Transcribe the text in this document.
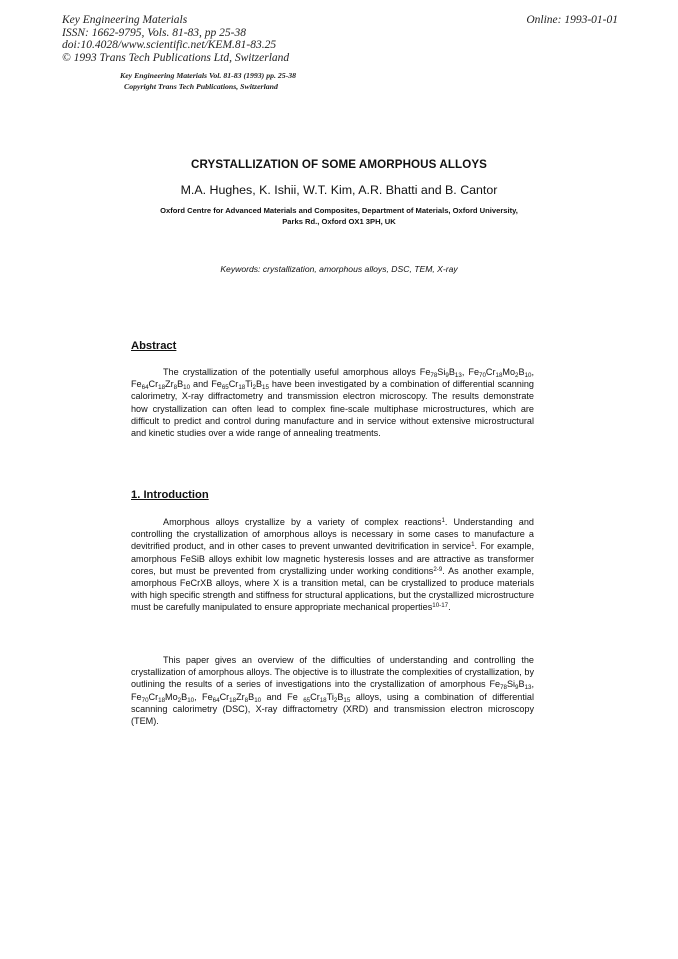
Key Engineering Materials
ISSN: 1662-9795, Vols. 81-83, pp 25-38
doi:10.4028/www.scientific.net/KEM.81-83.25
© 1993 Trans Tech Publications Ltd, Switzerland
Online: 1993-01-01
Key Engineering Materials Vol. 81-83 (1993) pp. 25-38
Copyright Trans Tech Publications, Switzerland
CRYSTALLIZATION OF SOME AMORPHOUS ALLOYS
M.A. Hughes, K. Ishii, W.T. Kim, A.R. Bhatti and B. Cantor
Oxford Centre for Advanced Materials and Composites, Department of Materials, Oxford University,
Parks Rd., Oxford OX1 3PH, UK
Keywords: crystallization, amorphous alloys, DSC, TEM, X-ray
Abstract
The crystallization of the potentially useful amorphous alloys $Fe_{78}Si_9B_{13}$, $Fe_{70}Cr_{18}Mo_2B_{10}$, $Fe_{64}Cr_{18}Zr_8B_{10}$ and $Fe_{65}Cr_{18}Ti_2B_{15}$ have been investigated by a combination of differential scanning calorimetry, X-ray diffractometry and transmission electron microscopy. The results demonstrate how crystallization can often lead to complex fine-scale multiphase microstructures, which are difficult to predict and control during manufacture and in service without extensive microstructural and kinetic studies over a wide range of annealing treatments.
1. Introduction
Amorphous alloys crystallize by a variety of complex reactions$^1$. Understanding and controlling the crystallization of amorphous alloys is necessary in some cases to manufacture a devitrified product, and in other cases to prevent unwanted devitrification in service$^1$. For example, amorphous FeSiB alloys exhibit low magnetic hysteresis losses and are attractive as transformer cores, but must be prevented from crystallizing under working conditions$^{2-9}$. As another example, amorphous FeCrXB alloys, where X is a transition metal, can be crystallized to produce materials with high specific strength and stiffness for structural applications, but the crystallized microstructure must be carefully manipulated to ensure appropriate mechanical properties$^{10-17}$.
This paper gives an overview of the difficulties of understanding and controlling the crystallization of amorphous alloys. The objective is to illustrate the complexities of crystallization, by outlining the results of a series of investigations into the crystallization of amorphous $Fe_{78}Si_9B_{13}$, $Fe_{70}Cr_{18}Mo_2B_{10}$, $Fe_{64}Cr_{18}Zr_8B_{10}$ and Fe $_{65}Cr_{18}Ti_2B_{15}$ alloys, using a combination of differential scanning calorimetry (DSC), X-ray diffractometry (XRD) and transmission electron microscopy (TEM).
